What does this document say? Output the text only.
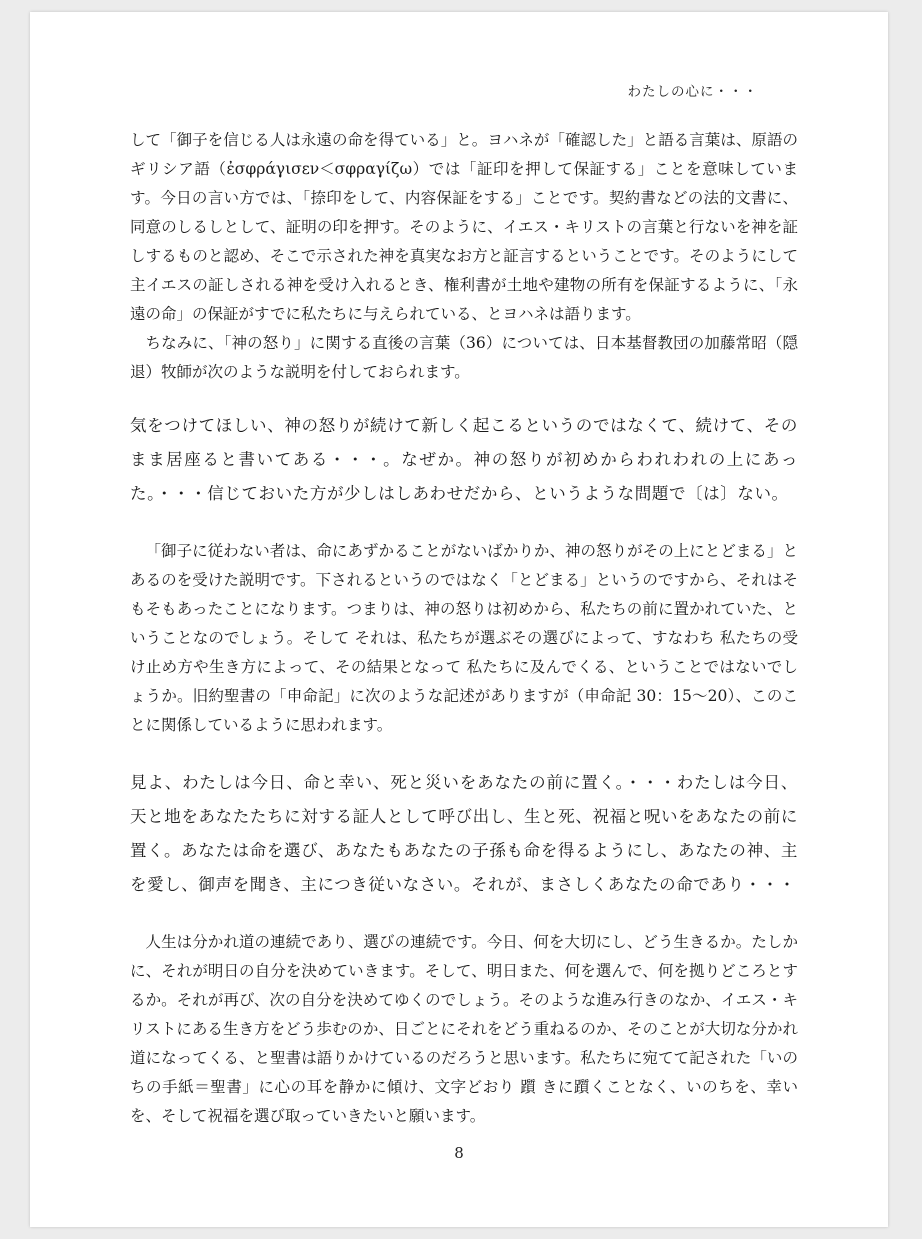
わたしの心に・・・

して「御子を信じる人は永遠の命を得ている」と。ヨハネが「確認した」と語る言葉は、原語のギリシア語（ἐσφράγισεν＜σφραγίζω）では「証印を押して保証する」ことを意味しています。今日の言い方では、「捺印をして、内容保証をする」ことです。契約書などの法的文書に、同意のしるしとして、証明の印を押す。そのように、イエス・キリストの言葉と行ないを神を証しするものと認め、そこで示された神を真実なお方と証言するということです。そのようにして主イエスの証しされる神を受け入れるとき、権利書が土地や建物の所有を保証するように、「永遠の命」の保証がすでに私たちに与えられている、とヨハネは語ります。

ちなみに、「神の怒り」に関する直後の言葉（36）については、日本基督教団の加藤常昭（隠退）牧師が次のような説明を付しておられます。

気をつけてほしい、神の怒りが続けて新しく起こるというのではなくて、続けて、そのまま居座ると書いてある・・・。なぜか。神の怒りが初めからわれわれの上にあった。・・・信じておいた方が少しはしあわせだから、というような問題で〔は〕ない。

「御子に従わない者は、命にあずかることがないばかりか、神の怒りがその上にとどまる」とあるのを受けた説明です。下されるというのではなく「とどまる」というのですから、それはそもそもあったことになります。つまりは、神の怒りは初めから、私たちの前に置かれていた、ということなのでしょう。そして それは、私たちが選ぶその選びによって、すなわち 私たちの受け止め方や生き方によって、その結果となって 私たちに及んでくる、ということではないでしょうか。旧約聖書の「申命記」に次のような記述がありますが（申命記 30：15〜20）、このことに関係しているように思われます。

見よ、わたしは今日、命と幸い、死と災いをあなたの前に置く。・・・わたしは今日、天と地をあなたたちに対する証人として呼び出し、生と死、祝福と呪いをあなたの前に置く。あなたは命を選び、あなたもあなたの子孫も命を得るようにし、あなたの神、主を愛し、御声を聞き、主につき従いなさい。それが、まさしくあなたの命であり・・・

人生は分かれ道の連続であり、選びの連続です。今日、何を大切にし、どう生きるか。たしかに、それが明日の自分を決めていきます。そして、明日また、何を選んで、何を拠りどころとするか。それが再び、次の自分を決めてゆくのでしょう。そのような進み行きのなか、イエス・キリストにある生き方をどう歩むのか、日ごとにそれをどう重ねるのか、そのことが大切な分かれ道になってくる、と聖書は語りかけているのだろうと思います。私たちに宛てて記された「いのちの手紙＝聖書」に心の耳を静かに傾け、文字どおり 躓 きに躓くことなく、いのちを、幸いを、そして祝福を選び取っていきたいと願います。

8
